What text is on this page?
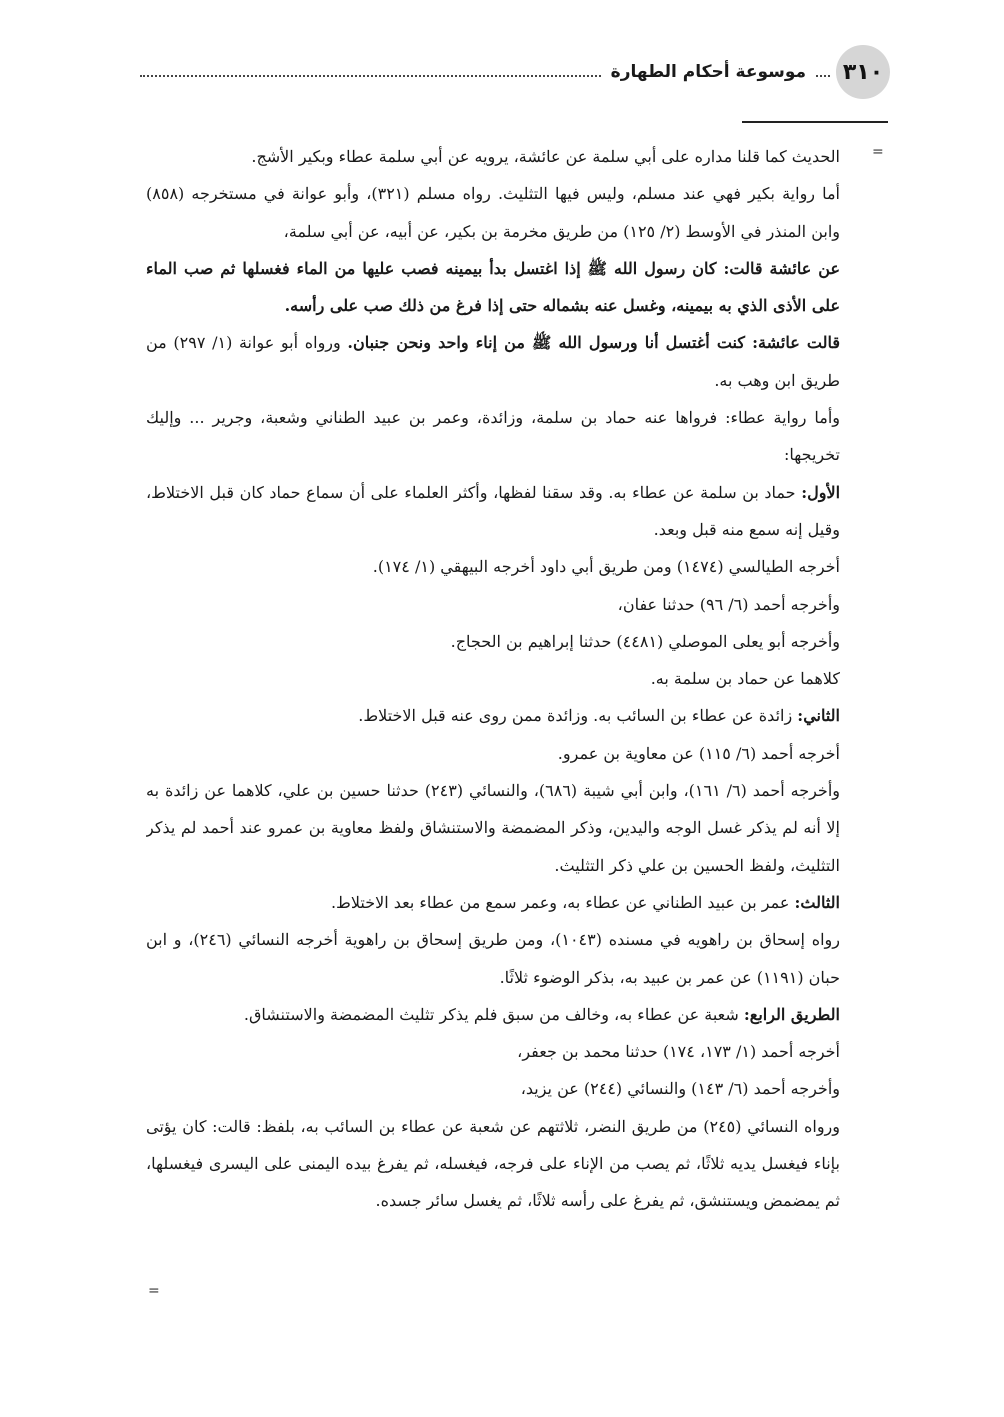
٣١٠
موسوعة أحكام الطهارة
=

الحديث كما قلنا مداره على أبي سلمة عن عائشة، يرويه عن أبي سلمة عطاء وبكير الأشج.

أما رواية بكير فهي عند مسلم، وليس فيها التثليث. رواه مسلم (٣٢١)، وأبو عوانة في مستخرجه (٨٥٨) وابن المنذر في الأوسط (٢/ ١٢٥) من طريق مخرمة بن بكير، عن أبيه، عن أبي سلمة،

عن عائشة قالت: كان رسول الله ﷺ إذا اغتسل بدأ بيمينه فصب عليها من الماء فغسلها ثم صب الماء على الأذى الذي به بيمينه، وغسل عنه بشماله حتى إذا فرغ من ذلك صب على رأسه.

قالت عائشة: كنت أغتسل أنا ورسول الله ﷺ من إناء واحد ونحن جنبان. ورواه أبو عوانة (١/ ٢٩٧) من طريق ابن وهب به.

وأما رواية عطاء: فرواها عنه حماد بن سلمة، وزائدة، وعمر بن عبيد الطناني وشعبة، وجرير ... وإليك تخريجها:

الأول: حماد بن سلمة عن عطاء به. وقد سقنا لفظها، وأكثر العلماء على أن سماع حماد كان قبل الاختلاط، وقيل إنه سمع منه قبل وبعد.

أخرجه الطيالسي (١٤٧٤) ومن طريق أبي داود أخرجه البيهقي (١/ ١٧٤).

وأخرجه أحمد (٦/ ٩٦) حدثنا عفان،

وأخرجه أبو يعلى الموصلي (٤٤٨١) حدثنا إبراهيم بن الحجاج.

كلاهما عن حماد بن سلمة به.

الثاني: زائدة عن عطاء بن السائب به. وزائدة ممن روى عنه قبل الاختلاط.

أخرجه أحمد (٦/ ١١٥) عن معاوية بن عمرو.

وأخرجه أحمد (٦/ ١٦١)، وابن أبي شيبة (٦٨٦)، والنسائي (٢٤٣) حدثنا حسين بن علي، كلاهما عن زائدة به إلا أنه لم يذكر غسل الوجه واليدين، وذكر المضمضة والاستنشاق ولفظ معاوية بن عمرو عند أحمد لم يذكر التثليث، ولفظ الحسين بن علي ذكر التثليث.

الثالث: عمر بن عبيد الطناني عن عطاء به، وعمر سمع من عطاء بعد الاختلاط.

رواه إسحاق بن راهويه في مسنده (١٠٤٣)، ومن طريق إسحاق بن راهوية أخرجه النسائي (٢٤٦)، و ابن حبان (١١٩١) عن عمر بن عبيد به، بذكر الوضوء ثلاثًا.

الطريق الرابع: شعبة عن عطاء به، وخالف من سبق فلم يذكر تثليث المضمضة والاستنشاق.

أخرجه أحمد (١/ ١٧٣، ١٧٤) حدثنا محمد بن جعفر،

وأخرجه أحمد (٦/ ١٤٣) والنسائي (٢٤٤) عن يزيد،

ورواه النسائي (٢٤٥) من طريق النضر، ثلاثتهم عن شعبة عن عطاء بن السائب به، بلفظ: قالت: كان يؤتى بإناء فيغسل يديه ثلاثًا، ثم يصب من الإناء على فرجه، فيغسله، ثم يفرغ بيده اليمنى على اليسرى فيغسلها، ثم يمضمض ويستنشق، ثم يفرغ على رأسه ثلاثًا، ثم يغسل سائر جسده.

=
